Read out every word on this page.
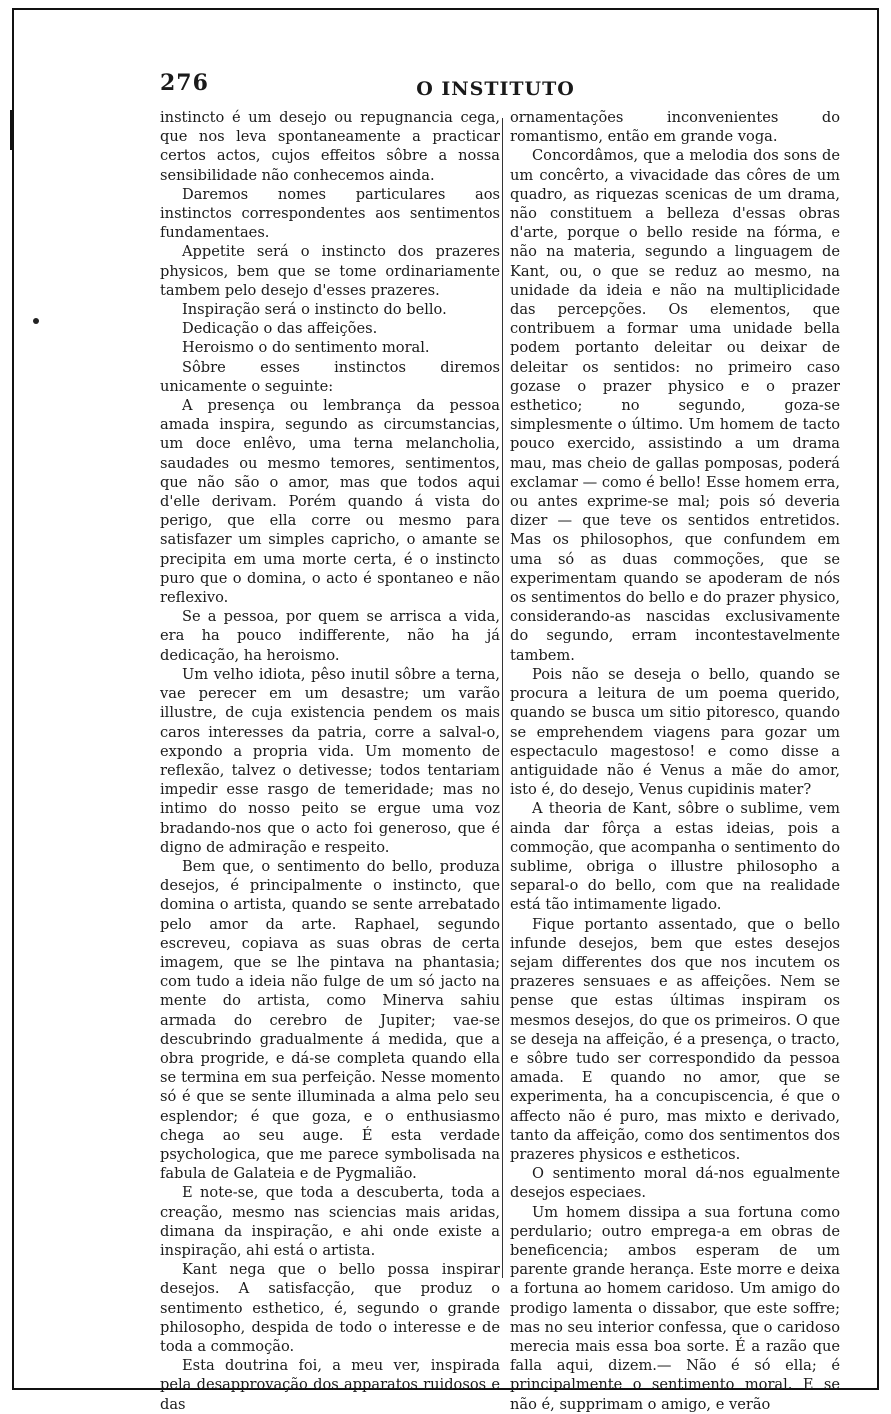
276	O INSTITUTO

instincto é um desejo ou repugnancia cega, que nos leva spontaneamente a practicar certos actos, cujos effeitos sôbre a nossa sensibilidade não conhecemos ainda.

Daremos nomes particulares aos instinctos correspondentes aos sentimentos fundamentaes.

Appetite será o instincto dos prazeres physicos, bem que se tome ordinariamente tambem pelo desejo d'esses prazeres.

Inspiração será o instincto do bello.

Dedicação o das affeições.

Heroismo o do sentimento moral.

Sôbre esses instinctos diremos unicamente o seguinte:

A presença ou lembrança da pessoa amada inspira, segundo as circumstancias, um doce enlêvo, uma terna melancholia, saudades ou mesmo temores, sentimentos, que não são o amor, mas que todos aqui d'elle derivam. Porém quando á vista do perigo, que ella corre ou mesmo para satisfazer um simples capricho, o amante se precipita em uma morte certa, é o instincto puro que o domina, o acto é spontaneo e não reflexivo.

Se a pessoa, por quem se arrisca a vida, era ha pouco indifferente, não ha já dedicação, ha heroismo.

Um velho idiota, pêso inutil sôbre a terna, vae perecer em um desastre; um varão illustre, de cuja existencia pendem os mais caros interesses da patria, corre a salval-o, expondo a propria vida. Um momento de reflexão, talvez o detivesse; todos tentariam impedir esse rasgo de temeridade; mas no intimo do nosso peito se ergue uma voz bradando-nos que o acto foi generoso, que é digno de admiração e respeito.

Bem que, o sentimento do bello, produza desejos, é principalmente o instincto, que domina o artista, quando se sente arrebatado pelo amor da arte. Raphael, segundo escreveu, copiava as suas obras de certa imagem, que se lhe pintava na phantasia; com tudo a ideia não fulge de um só jacto na mente do artista, como Minerva sahiu armada do cerebro de Jupiter; vae-se descubrindo gradualmente á medida, que a obra progride, e dá-se completa quando ella se termina em sua perfeição. Nesse momento só é que se sente illuminada a alma pelo seu esplendor; é que goza, e o enthusiasmo chega ao seu auge. É esta verdade psychologica, que me parece symbolisada na fabula de Galateia e de Pygmalião.

E note-se, que toda a descuberta, toda a creação, mesmo nas sciencias mais aridas, dimana da inspiração, e ahi onde existe a inspiração, ahi está o artista.

Kant nega que o bello possa inspirar desejos. A satisfacção, que produz o sentimento esthetico, é, segundo o grande philosopho, despida de todo o interesse e de toda a commoção.

Esta doutrina foi, a meu ver, inspirada pela desapprovação dos apparatos ruidosos e das

ornamentações inconvenientes do romantismo, então em grande voga.

Concordâmos, que a melodia dos sons de um concêrto, a vivacidade das côres de um quadro, as riquezas scenicas de um drama, não constituem a belleza d'essas obras d'arte, porque o bello reside na fórma, e não na materia, segundo a linguagem de Kant, ou, o que se reduz ao mesmo, na unidade da ideia e não na multiplicidade das percepções. Os elementos, que contribuem a formar uma unidade bella podem portanto deleitar ou deixar de deleitar os sentidos: no primeiro caso gozase o prazer physico e o prazer esthetico; no segundo, goza-se simplesmente o último. Um homem de tacto pouco exercido, assistindo a um drama mau, mas cheio de gallas pomposas, poderá exclamar — como é bello! Esse homem erra, ou antes exprime-se mal; pois só deveria dizer — que teve os sentidos entretidos. Mas os philosophos, que confundem em uma só as duas commoções, que se experimentam quando se apoderam de nós os sentimentos do bello e do prazer physico, considerando-as nascidas exclusivamente do segundo, erram incontestavelmente tambem.

Pois não se deseja o bello, quando se procura a leitura de um poema querido, quando se busca um sitio pitoresco, quando se emprehendem viagens para gozar um espectaculo magestoso! e como disse a antiguidade não é Venus a mãe do amor, isto é, do desejo, Venus cupidinis mater?

A theoria de Kant, sôbre o sublime, vem ainda dar fôrça a estas ideias, pois a commoção, que acompanha o sentimento do sublime, obriga o illustre philosopho a separal-o do bello, com que na realidade está tão intimamente ligado.

Fique portanto assentado, que o bello infunde desejos, bem que estes desejos sejam differentes dos que nos incutem os prazeres sensuaes e as affeições. Nem se pense que estas últimas inspiram os mesmos desejos, do que os primeiros. O que se deseja na affeição, é a presença, o tracto, e sôbre tudo ser correspondido da pessoa amada. E quando no amor, que se experimenta, ha a concupiscencia, é que o affecto não é puro, mas mixto e derivado, tanto da affeição, como dos sentimentos dos prazeres physicos e estheticos.

O sentimento moral dá-nos egualmente desejos especiaes.

Um homem dissipa a sua fortuna como perdulario; outro emprega-a em obras de beneficencia; ambos esperam de um parente grande herança. Este morre e deixa a fortuna ao homem caridoso. Um amigo do prodigo lamenta o dissabor, que este soffre; mas no seu interior confessa, que o caridoso merecia mais essa boa sorte. É a razão que falla aqui, dizem.— Não é só ella; é principalmente o sentimento moral. E se não é, supprimam o amigo, e verão
